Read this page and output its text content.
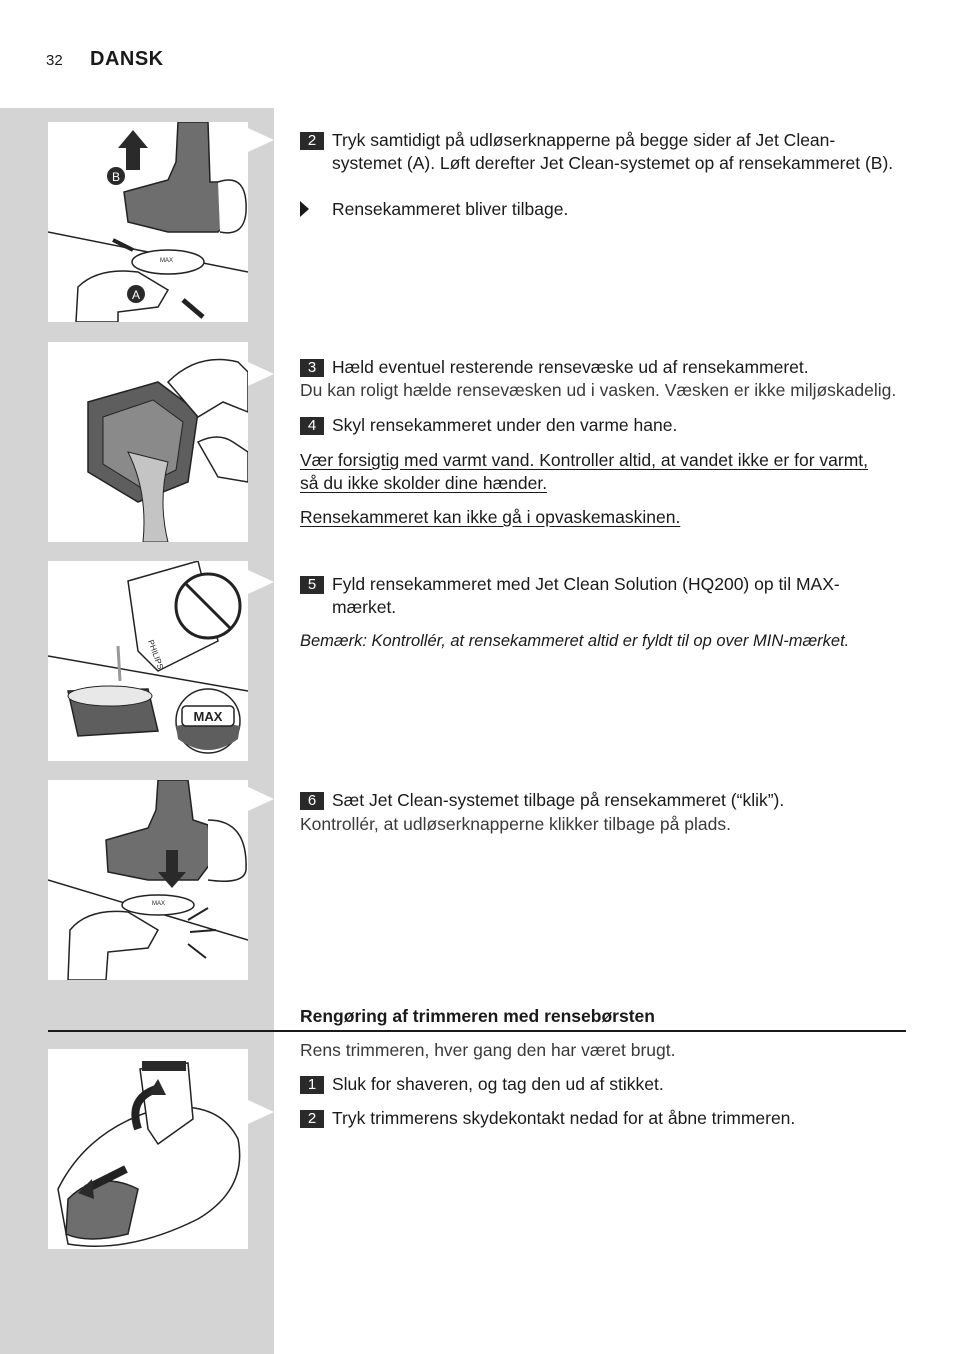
32 DANSK
B
MAX
A
PHILIPS
MAX
MAX
2 Tryk samtidigt på udløserknapperne på begge sider af Jet Clean-systemet (A). Løft derefter Jet Clean-systemet op af rensekammeret (B).
Rensekammeret bliver tilbage.
3 Hæld eventuel resterende rensevæske ud af rensekammeret.
Du kan roligt hælde rensevæsken ud i vasken. Væsken er ikke miljøskadelig.
4 Skyl rensekammeret under den varme hane.
Vær forsigtig med varmt vand. Kontroller altid, at vandet ikke er for varmt, så du ikke skolder dine hænder.
Rensekammeret kan ikke gå i opvaskemaskinen.
5 Fyld rensekammeret med Jet Clean Solution (HQ200) op til MAX-mærket.
Bemærk: Kontrollér, at rensekammeret altid er fyldt til op over MIN-mærket.
6 Sæt Jet Clean-systemet tilbage på rensekammeret (“klik”).
Kontrollér, at udløserknapperne klikker tilbage på plads.
Rengøring af trimmeren med rensebørsten
Rens trimmeren, hver gang den har været brugt.
1 Sluk for shaveren, og tag den ud af stikket.
2 Tryk trimmerens skydekontakt nedad for at åbne trimmeren.
